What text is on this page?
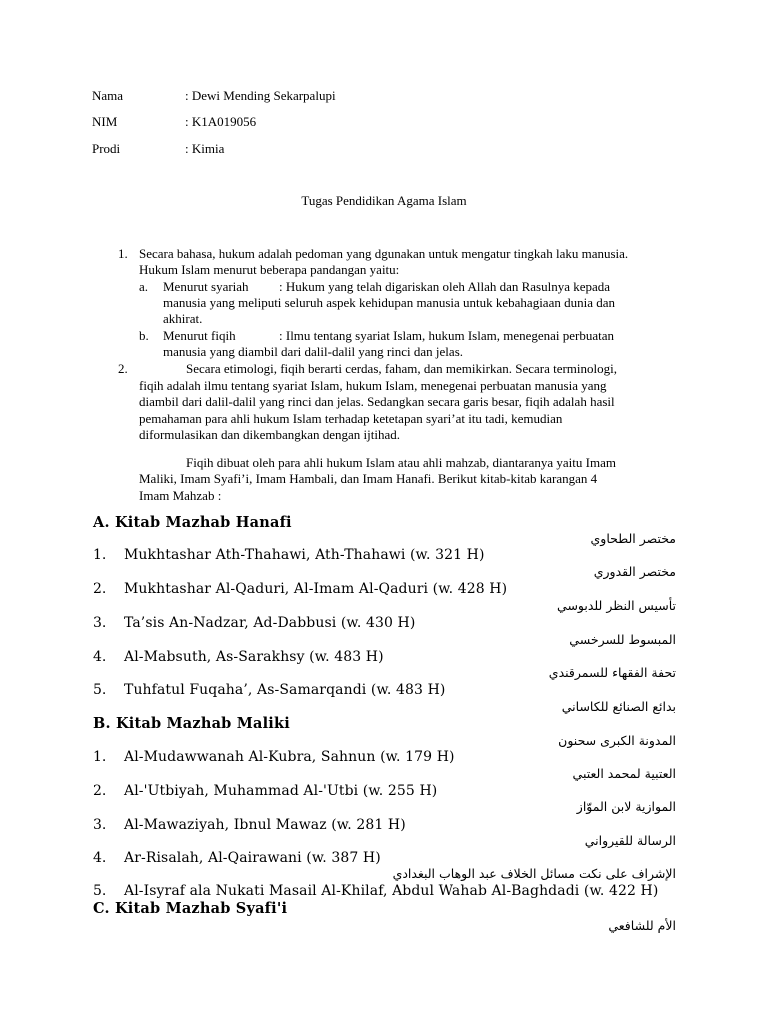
Nama	: Dewi Mending Sekarpalupi
NIM	: K1A019056
Prodi	: Kimia
Tugas Pendidikan Agama Islam
1. Secara bahasa, hukum adalah pedoman yang dgunakan untuk mengatur tingkah laku manusia.
Hukum Islam menurut beberapa pandangan yaitu:
a. Menurut syariah : Hukum yang telah digariskan oleh Allah dan Rasulnya kepada
manusia yang meliputi seluruh aspek kehidupan manusia untuk kebahagiaan dunia dan
akhirat.
b. Menurut fiqih	: Ilmu tentang syariat Islam, hukum Islam, menegenai perbuatan
manusia yang diambil dari dalil-dalil yang rinci dan jelas.
2.	Secara etimologi, fiqih berarti cerdas, faham, dan memikirkan. Secara terminologi,
fiqih adalah ilmu tentang syariat Islam, hukum Islam, menegenai perbuatan manusia yang
diambil dari dalil-dalil yang rinci dan jelas. Sedangkan secara garis besar, fiqih adalah hasil
pemahaman para ahli hukum Islam terhadap ketetapan syari’at itu tadi, kemudian
diformulasikan dan dikembangkan dengan ijtihad.
Fiqih dibuat oleh para ahli hukum Islam atau ahli mahzab, diantaranya yaitu Imam
Maliki, Imam Syafi’i, Imam Hambali, dan Imam Hanafi. Berikut kitab-kitab karangan 4
Imam Mahzab :
A. Kitab Mazhab Hanafi
مختصر الطحاوي
1. Mukhtashar Ath-Thahawi, Ath-Thahawi (w. 321 H)
مختصر القدوري
2. Mukhtashar Al-Qaduri, Al-Imam Al-Qaduri (w. 428 H)
تأسيس النظر للدبوسي
3. Ta’sis An-Nadzar, Ad-Dabbusi (w. 430 H)
المبسوط للسرخسي
4. Al-Mabsuth, As-Sarakhsy (w. 483 H)
تحفة الفقهاء للسمرقندي
5. Tuhfatul Fuqaha’, As-Samarqandi (w. 483 H)
بدائع الصنائع للكاساني
B. Kitab Mazhab Maliki
المدونة الكبرى سحنون
1. Al-Mudawwanah Al-Kubra, Sahnun (w. 179 H)
العتبية لمحمد العتبي
2. Al-'Utbiyah, Muhammad Al-'Utbi (w. 255 H)
الموازية لابن الموّاز
3. Al-Mawaziyah, Ibnul Mawaz (w. 281 H)
الرسالة للقيرواني
4. Ar-Risalah, Al-Qairawani (w. 387 H)
الإشراف على نكت مسائل الخلاف عبد الوهاب البغدادي
5. Al-Isyraf ala Nukati Masail Al-Khilaf, Abdul Wahab Al-Baghdadi (w. 422 H)
C. Kitab Mazhab Syafi'i
الأم للشافعي
